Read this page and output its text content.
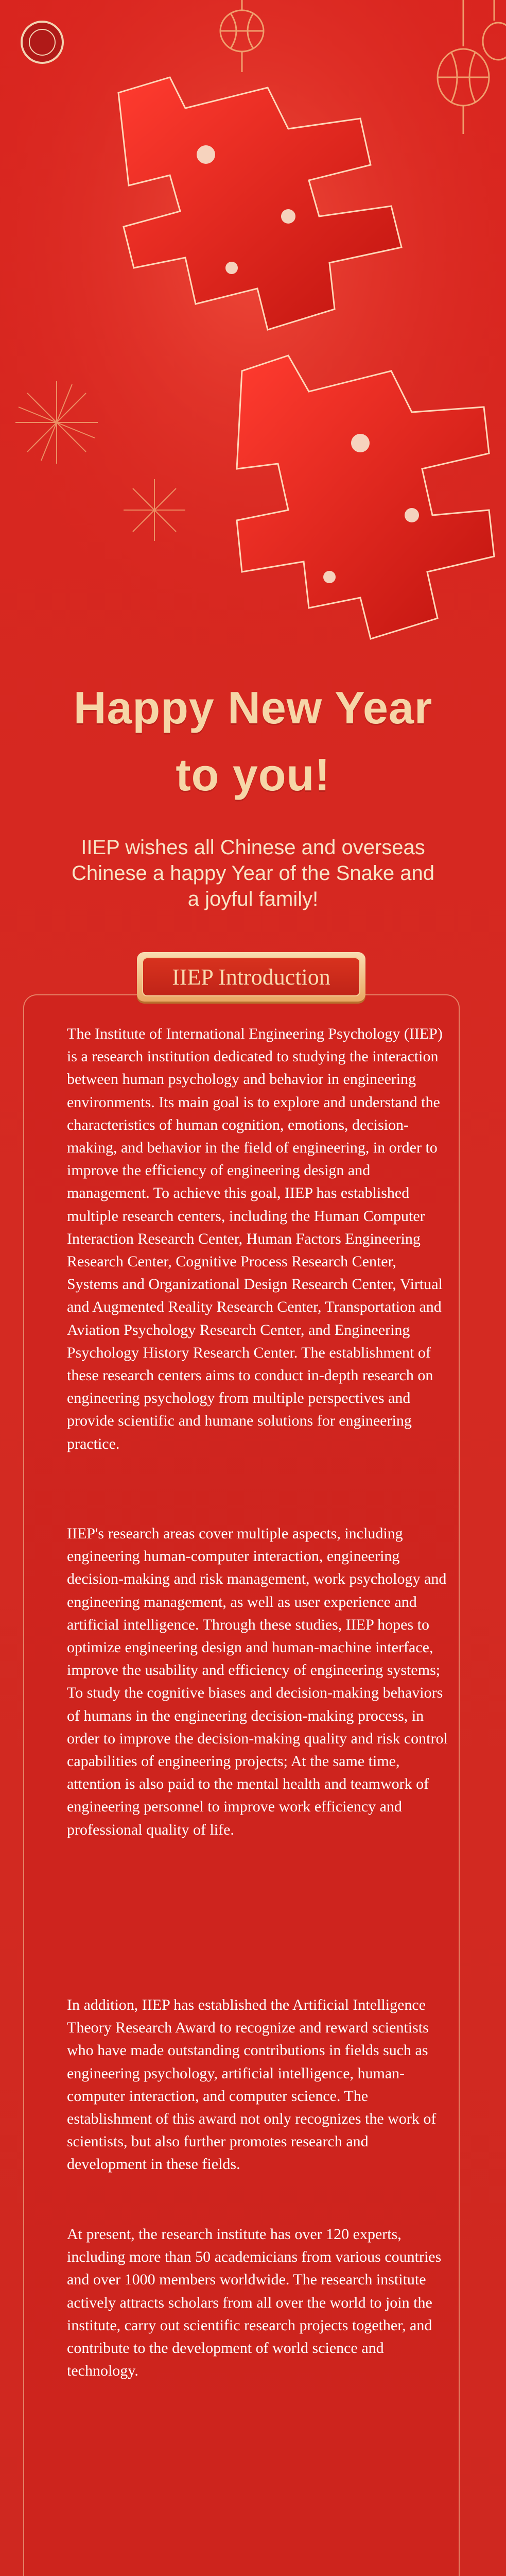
Happy New Year
to you!
IIEP wishes all Chinese and overseas Chinese a happy Year of the Snake and a joyful family!
IIEP Introduction
The Institute of International Engineering Psychology (IIEP) is a research institution dedicated to studying the interaction between human psychology and behavior in engineering environments. Its main goal is to explore and understand the characteristics of human cognition, emotions, decision-making, and behavior in the field of engineering, in order to improve the efficiency of engineering design and management. To achieve this goal, IIEP has established multiple research centers, including the Human Computer Interaction Research Center, Human Factors Engineering Research Center, Cognitive Process Research Center, Systems and Organizational Design Research Center, Virtual and Augmented Reality Research Center, Transportation and Aviation Psychology Research Center, and Engineering Psychology History Research Center. The establishment of these research centers aims to conduct in-depth research on engineering psychology from multiple perspectives and provide scientific and humane solutions for engineering practice.
IIEP's research areas cover multiple aspects, including engineering human-computer interaction, engineering decision-making and risk management, work psychology and engineering management, as well as user experience and artificial intelligence. Through these studies, IIEP hopes to optimize engineering design and human-machine interface, improve the usability and efficiency of engineering systems; To study the cognitive biases and decision-making behaviors of humans in the engineering decision-making process, in order to improve the decision-making quality and risk control capabilities of engineering projects; At the same time, attention is also paid to the mental health and teamwork of engineering personnel to improve work efficiency and professional quality of life.
In addition, IIEP has established the Artificial Intelligence Theory Research Award to recognize and reward scientists who have made outstanding contributions in fields such as engineering psychology, artificial intelligence, human-computer interaction, and computer science. The establishment of this award not only recognizes the work of scientists, but also further promotes research and development in these fields.
At present, the research institute has over 120 experts, including more than 50 academicians from various countries and over 1000 members worldwide. The research institute actively attracts scholars from all over the world to join the institute, carry out scientific research projects together, and contribute to the development of world science and technology.
